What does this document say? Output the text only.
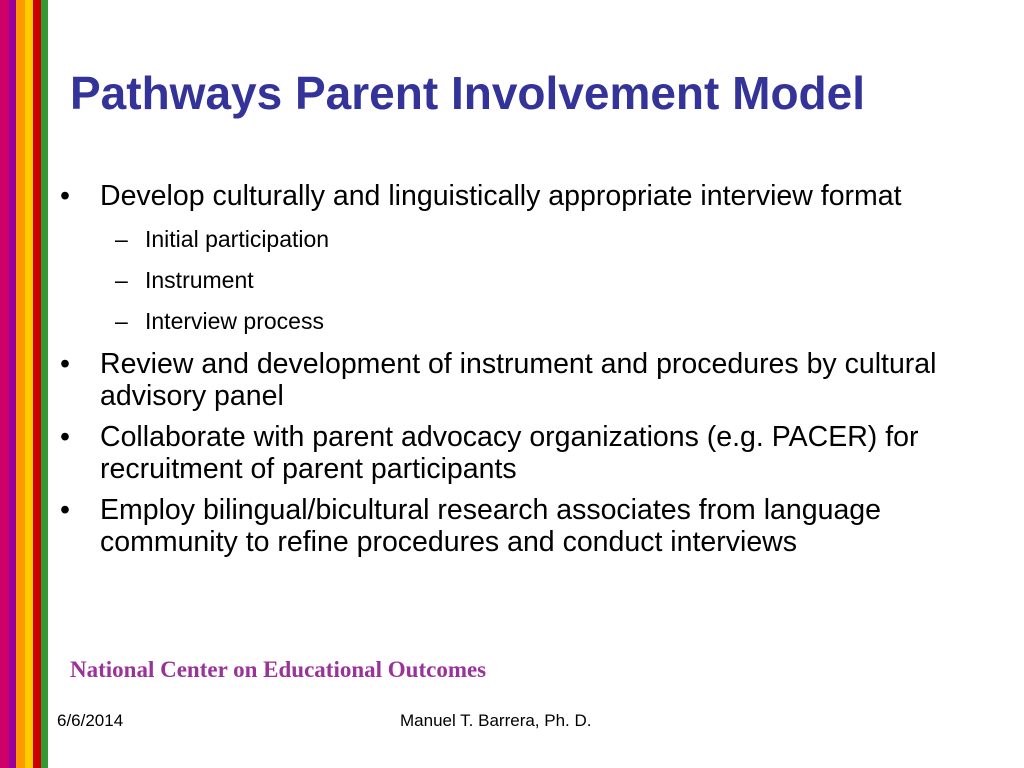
Pathways Parent Involvement Model
• Develop culturally and linguistically appropriate interview format
– Initial participation
– Instrument
– Interview process
• Review and development of instrument and procedures by cultural advisory panel
• Collaborate with parent advocacy organizations (e.g. PACER) for recruitment of parent participants
• Employ bilingual/bicultural research associates from language community to refine procedures and conduct interviews
National Center on Educational Outcomes
6/6/2014	Manuel T. Barrera, Ph. D.
